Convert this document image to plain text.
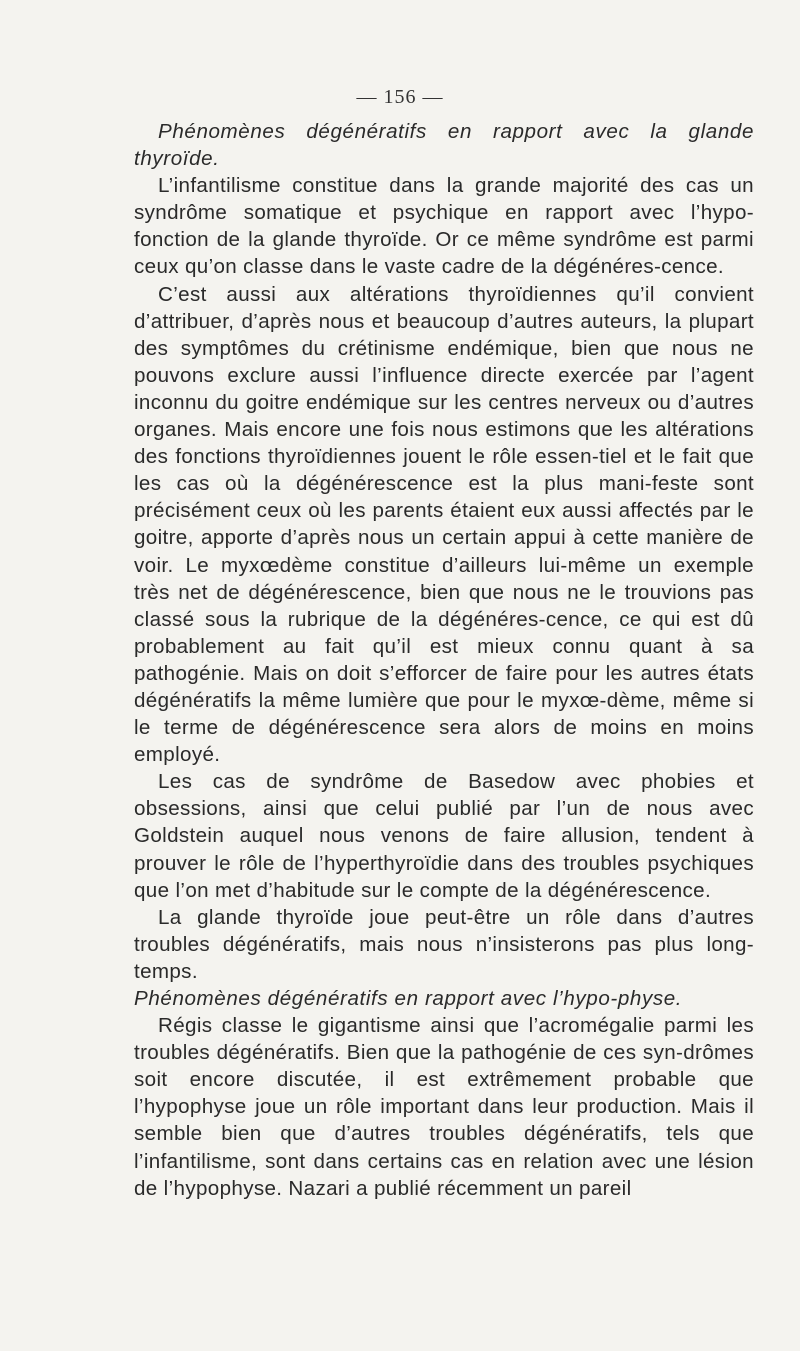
— 156 —

Phénomènes dégénératifs en rapport avec la glande thyroïde.

L’infantilisme constitue dans la grande majorité des cas un syndrôme somatique et psychique en rapport avec l’hypo-fonction de la glande thyroïde. Or ce même syndrôme est parmi ceux qu’on classe dans le vaste cadre de la dégénéres-cence.

C’est aussi aux altérations thyroïdiennes qu’il convient d’attribuer, d’après nous et beaucoup d’autres auteurs, la plupart des symptômes du crétinisme endémique, bien que nous ne pouvons exclure aussi l’influence directe exercée par l’agent inconnu du goitre endémique sur les centres nerveux ou d’autres organes. Mais encore une fois nous estimons que les altérations des fonctions thyroïdiennes jouent le rôle essen-tiel et le fait que les cas où la dégénérescence est la plus mani-feste sont précisément ceux où les parents étaient eux aussi affectés par le goitre, apporte d’après nous un certain appui à cette manière de voir. Le myxœdème constitue d’ailleurs lui-même un exemple très net de dégénérescence, bien que nous ne le trouvions pas classé sous la rubrique de la dégénéres-cence, ce qui est dû probablement au fait qu’il est mieux connu quant à sa pathogénie. Mais on doit s’efforcer de faire pour les autres états dégénératifs la même lumière que pour le myxœ-dème, même si le terme de dégénérescence sera alors de moins en moins employé.

Les cas de syndrôme de Basedow avec phobies et obsessions, ainsi que celui publié par l’un de nous avec Goldstein auquel nous venons de faire allusion, tendent à prouver le rôle de l’hyperthyroïdie dans des troubles psychiques que l’on met d’habitude sur le compte de la dégénérescence.

La glande thyroïde joue peut-être un rôle dans d’autres troubles dégénératifs, mais nous n’insisterons pas plus long-temps.

Phénomènes dégénératifs en rapport avec l’hypo-physe.

Régis classe le gigantisme ainsi que l’acromégalie parmi les troubles dégénératifs. Bien que la pathogénie de ces syn-drômes soit encore discutée, il est extrêmement probable que l’hypophyse joue un rôle important dans leur production. Mais il semble bien que d’autres troubles dégénératifs, tels que l’infantilisme, sont dans certains cas en relation avec une lésion de l’hypophyse. Nazari a publié récemment un pareil
